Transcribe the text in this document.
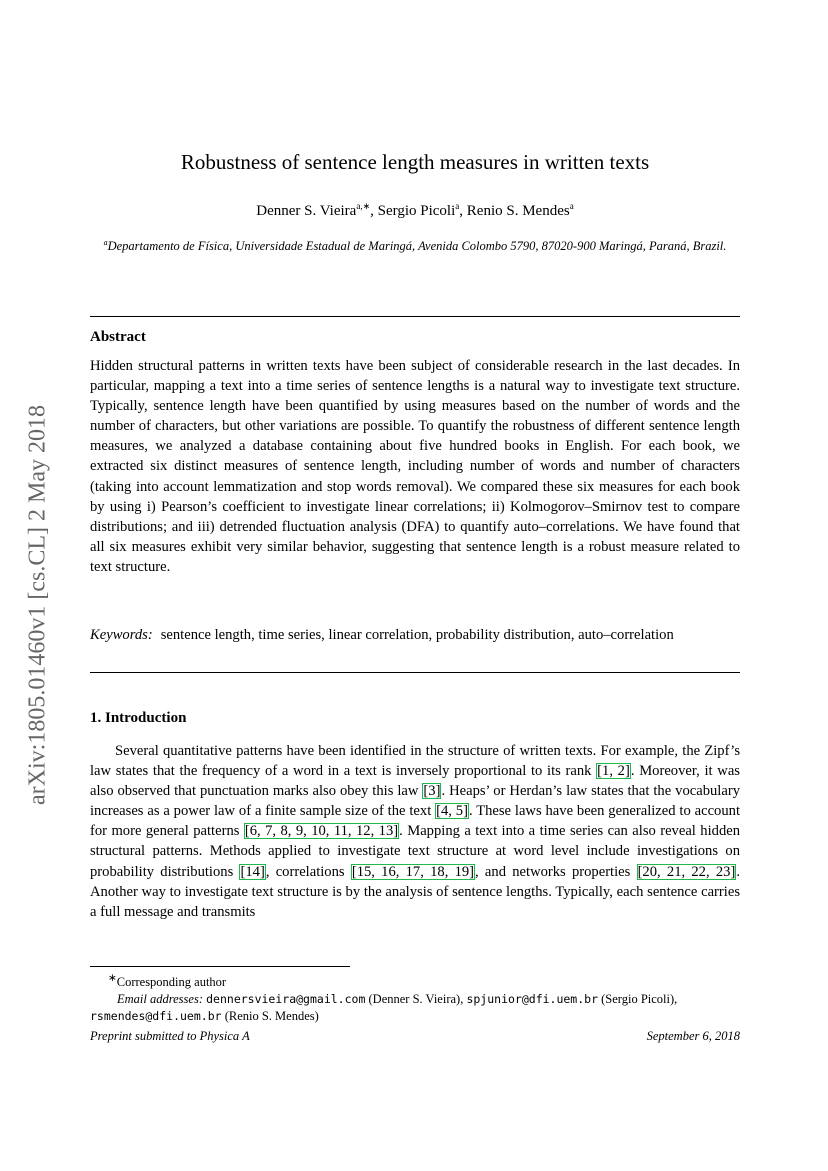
arXiv:1805.01460v1 [cs.CL] 2 May 2018
Robustness of sentence length measures in written texts
Denner S. Vieira$^{a,∗}$, Sergio Picoli$^a$, Renio S. Mendes$^a$
$^a$Departamento de Física, Universidade Estadual de Maringá, Avenida Colombo 5790, 87020-900 Maringá, Paraná, Brazil.
Abstract
Hidden structural patterns in written texts have been subject of considerable research in the last decades. In particular, mapping a text into a time series of sentence lengths is a natural way to investigate text structure. Typically, sentence length have been quantified by using measures based on the number of words and the number of characters, but other variations are possible. To quantify the robustness of different sentence length measures, we analyzed a database containing about five hundred books in English. For each book, we extracted six distinct measures of sentence length, including number of words and number of characters (taking into account lemmatization and stop words removal). We compared these six measures for each book by using i) Pearson’s coefficient to investigate linear correlations; ii) Kolmogorov–Smirnov test to compare distributions; and iii) detrended fluctuation analysis (DFA) to quantify auto–correlations. We have found that all six measures exhibit very similar behavior, suggesting that sentence length is a robust measure related to text structure.
Keywords: sentence length, time series, linear correlation, probability distribution, auto–correlation
1. Introduction
Several quantitative patterns have been identified in the structure of written texts. For example, the Zipf’s law states that the frequency of a word in a text is inversely proportional to its rank [1, 2]. Moreover, it was also observed that punctuation marks also obey this law [3]. Heaps’ or Herdan’s law states that the vocabulary increases as a power law of a finite sample size of the text [4, 5]. These laws have been generalized to account for more general patterns [6, 7, 8, 9, 10, 11, 12, 13]. Mapping a text into a time series can also reveal hidden structural patterns. Methods applied to investigate text structure at word level include investigations on probability distributions [14], correlations [15, 16, 17, 18, 19], and networks properties [20, 21, 22, 23]. Another way to investigate text structure is by the analysis of sentence lengths. Typically, each sentence carries a full message and transmits
∗Corresponding author
Email addresses: dennersvieira@gmail.com (Denner S. Vieira), spjunior@dfi.uem.br (Sergio Picoli), rsmendes@dfi.uem.br (Renio S. Mendes)
Preprint submitted to Physica A	September 6, 2018
